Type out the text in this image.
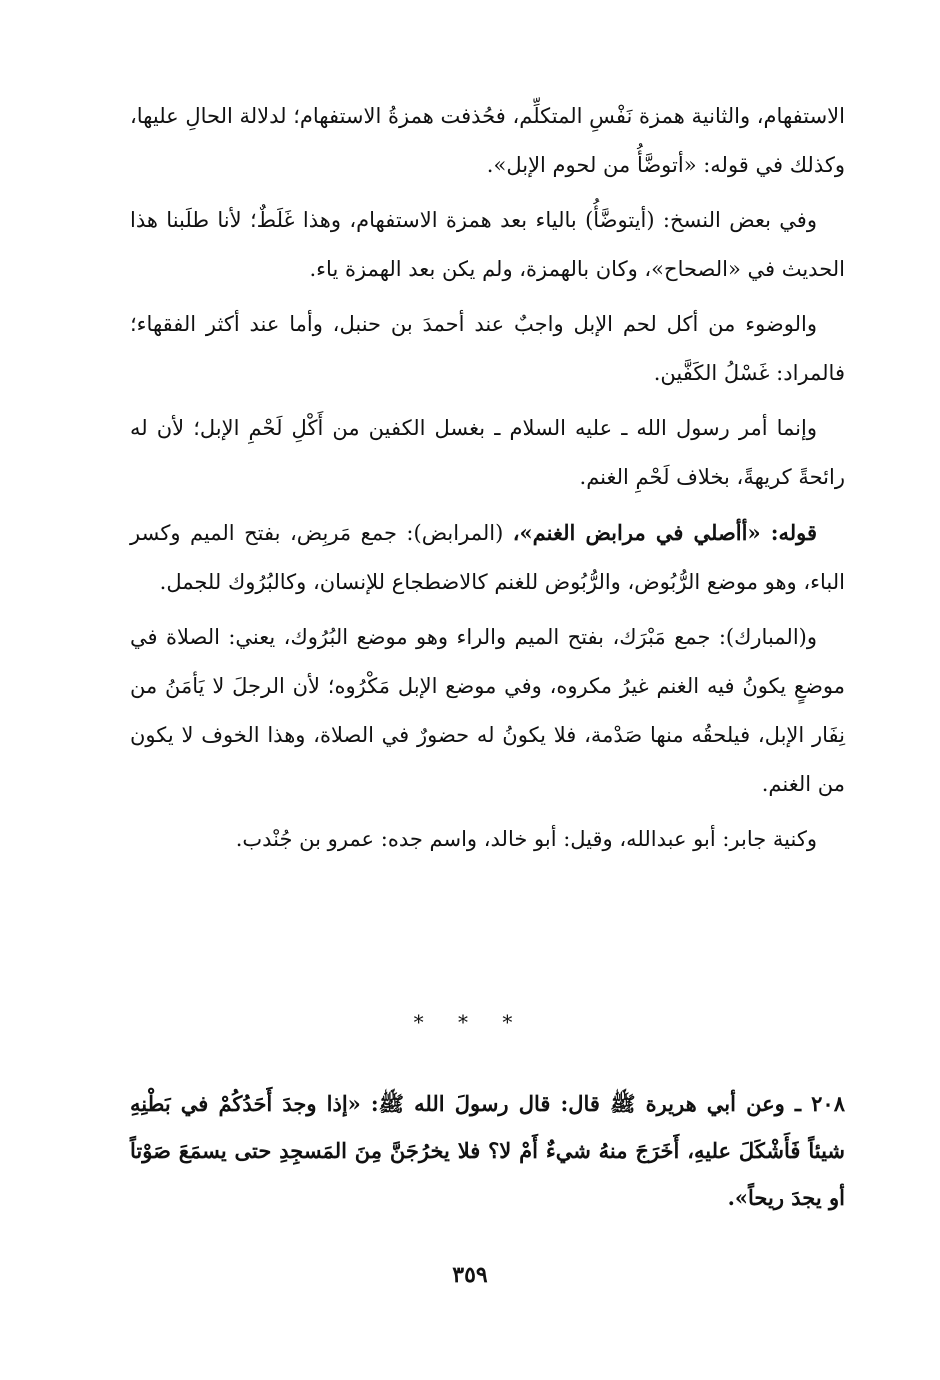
الاستفهام، والثانية همزة نَفْسِ المتكلِّم، فحُذفت همزةُ الاستفهام؛ لدلالة الحالِ عليها، وكذلك في قوله: «أتوضَّأُ من لحوم الإبل».

وفي بعض النسخ: (أيتوضَّأُ) بالياء بعد همزة الاستفهام، وهذا غَلَطٌ؛ لأنا طلَبنا هذا الحديث في «الصحاح»، وكان بالهمزة، ولم يكن بعد الهمزة ياء.

والوضوء من أكل لحم الإبل واجبٌ عند أحمدَ بن حنبل، وأما عند أكثر الفقهاء؛ فالمراد: غَسْلُ الكَفَّين.

وإنما أمر رسول الله ـ عليه السلام ـ بغسل الكفين من أَكْلِ لَحْمِ الإبل؛ لأن له رائحةً كريهةً، بخلاف لَحْمِ الغنم.

قوله: «أأصلي في مرابض الغنم»، (المرابض): جمع مَربِض، بفتح الميم وكسر الباء، وهو موضع الرُّبُوض، والرُّبُوض للغنم كالاضطجاع للإنسان، وكالبُرُوك للجمل.

و(المبارك): جمع مَبْرَك، بفتح الميم والراء وهو موضع البُرُوك، يعني: الصلاة في موضعٍ يكونُ فيه الغنم غيرُ مكروه، وفي موضع الإبل مَكْرُوه؛ لأن الرجلَ لا يَأمَنُ من نِفَار الإبل، فيلحقُه منها صَدْمة، فلا يكونُ له حضورٌ في الصلاة، وهذا الخوف لا يكون من الغنم.

وكنية جابر: أبو عبدالله، وقيل: أبو خالد، واسم جده: عمرو بن جُنْدب.

* * *

٢٠٨ ـ وعن أبي هريرة ﷺ قال: قال رسولَ الله ﷺ: «إذا وجدَ أَحَدُكُمْ في بَطْنِهِ شيئاً فَأَشْكَلَ عليهِ، أَخَرَجَ منهُ شيءٌ أَمْ لا؟ فلا يخرُجَنَّ مِنَ المَسجِدِ حتى يسمَعَ صَوْتاً أو يجدَ ريحاً».

٣٥٩
